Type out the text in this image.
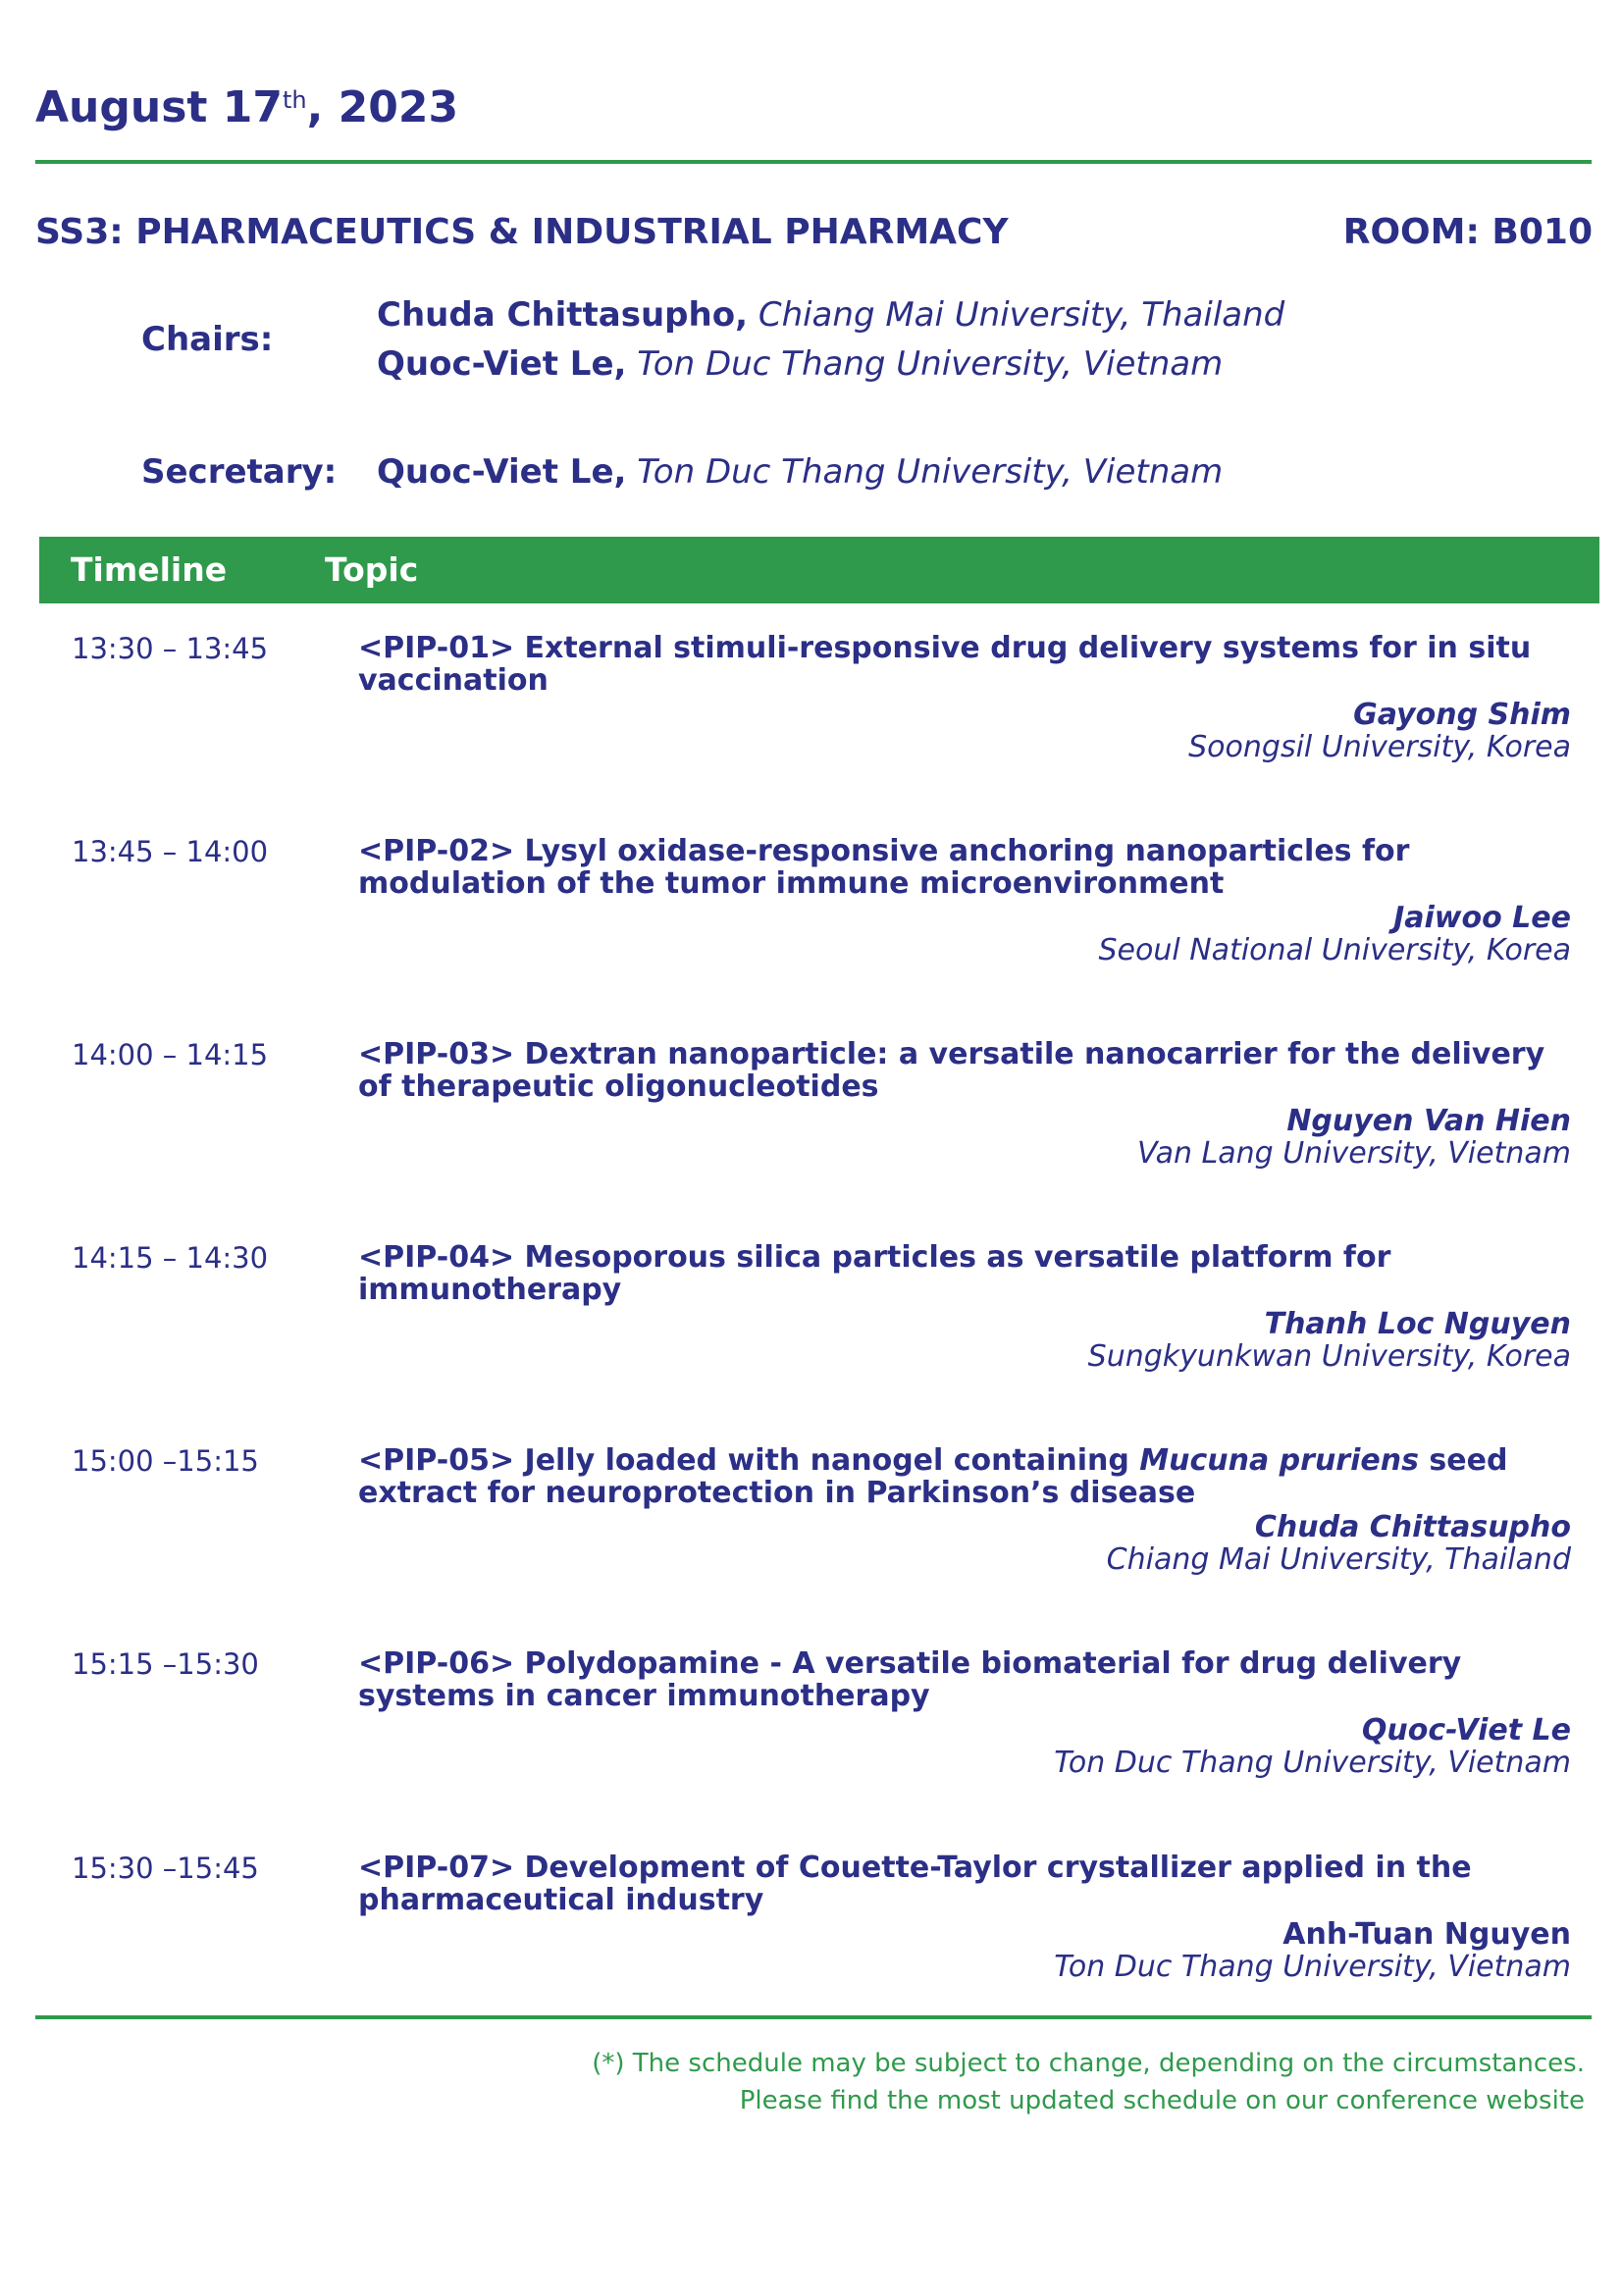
August 17th, 2023
SS3: PHARMACEUTICS & INDUSTRIAL PHARMACY	ROOM: B010
Chairs:
Chuda Chittasupho, Chiang Mai University, Thailand
Quoc-Viet Le, Ton Duc Thang University, Vietnam
Secretary: Quoc-Viet Le, Ton Duc Thang University, Vietnam
Timeline	Topic
13:30 – 13:45	<PIP-01> External stimuli-responsive drug delivery systems for in situ vaccination
Gayong Shim
Soongsil University, Korea
13:45 – 14:00	<PIP-02> Lysyl oxidase-responsive anchoring nanoparticles for modulation of the tumor immune microenvironment
Jaiwoo Lee
Seoul National University, Korea
14:00 – 14:15	<PIP-03> Dextran nanoparticle: a versatile nanocarrier for the delivery of therapeutic oligonucleotides
Nguyen Van Hien
Van Lang University, Vietnam
14:15 – 14:30	<PIP-04> Mesoporous silica particles as versatile platform for immunotherapy
Thanh Loc Nguyen
Sungkyunkwan University, Korea
15:00 –15:15	<PIP-05> Jelly loaded with nanogel containing Mucuna pruriens seed extract for neuroprotection in Parkinson’s disease
Chuda Chittasupho
Chiang Mai University, Thailand
15:15 –15:30	<PIP-06> Polydopamine - A versatile biomaterial for drug delivery systems in cancer immunotherapy
Quoc-Viet Le
Ton Duc Thang University, Vietnam
15:30 –15:45	<PIP-07> Development of Couette-Taylor crystallizer applied in the pharmaceutical industry
Anh-Tuan Nguyen
Ton Duc Thang University, Vietnam
(*) The schedule may be subject to change, depending on the circumstances.
Please find the most updated schedule on our conference website
